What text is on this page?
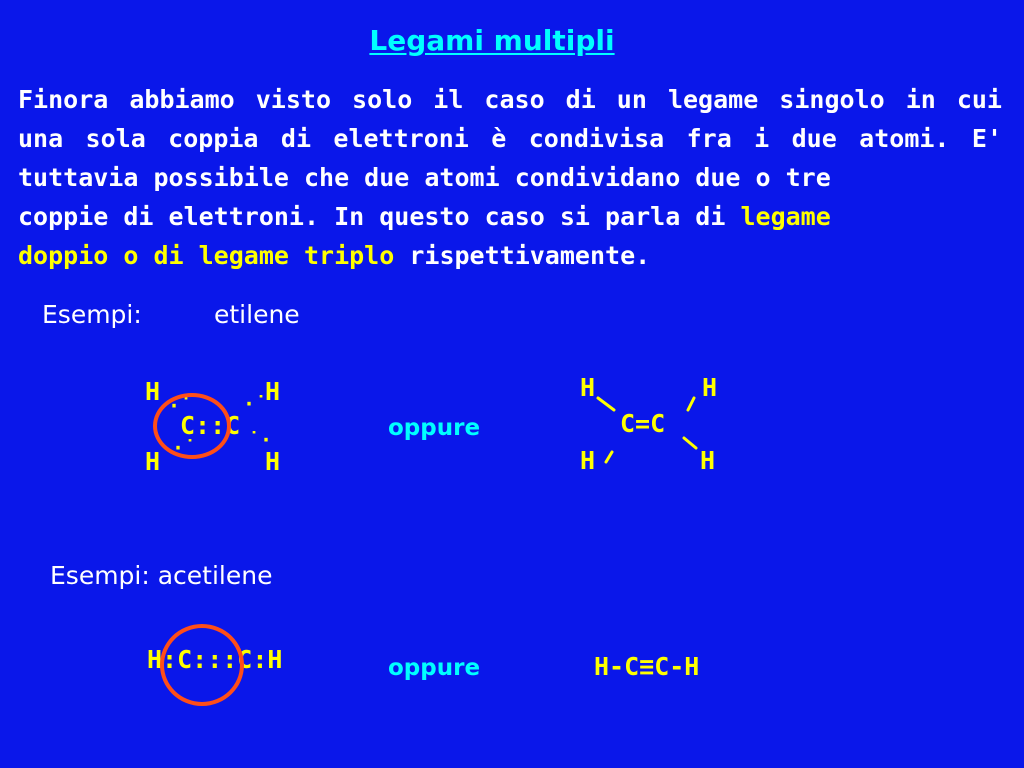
Legami multipli
Finora abbiamo visto solo il caso di un legame singolo in cui
una sola coppia di elettroni è condivisa fra i due atomi. E'
tuttavia possibile che due atomi condividano due o tre
coppie di elettroni. In questo caso si parla di legame
doppio o di legame triplo rispettivamente.
Esempi:	etilene
H	H
C::C
H	H
·˙	·˙
·˙	˙·	oppure
H	H
C=C
H	H
Esempi: acetilene
H:C:::C:H	oppure	H-C≡C-H
